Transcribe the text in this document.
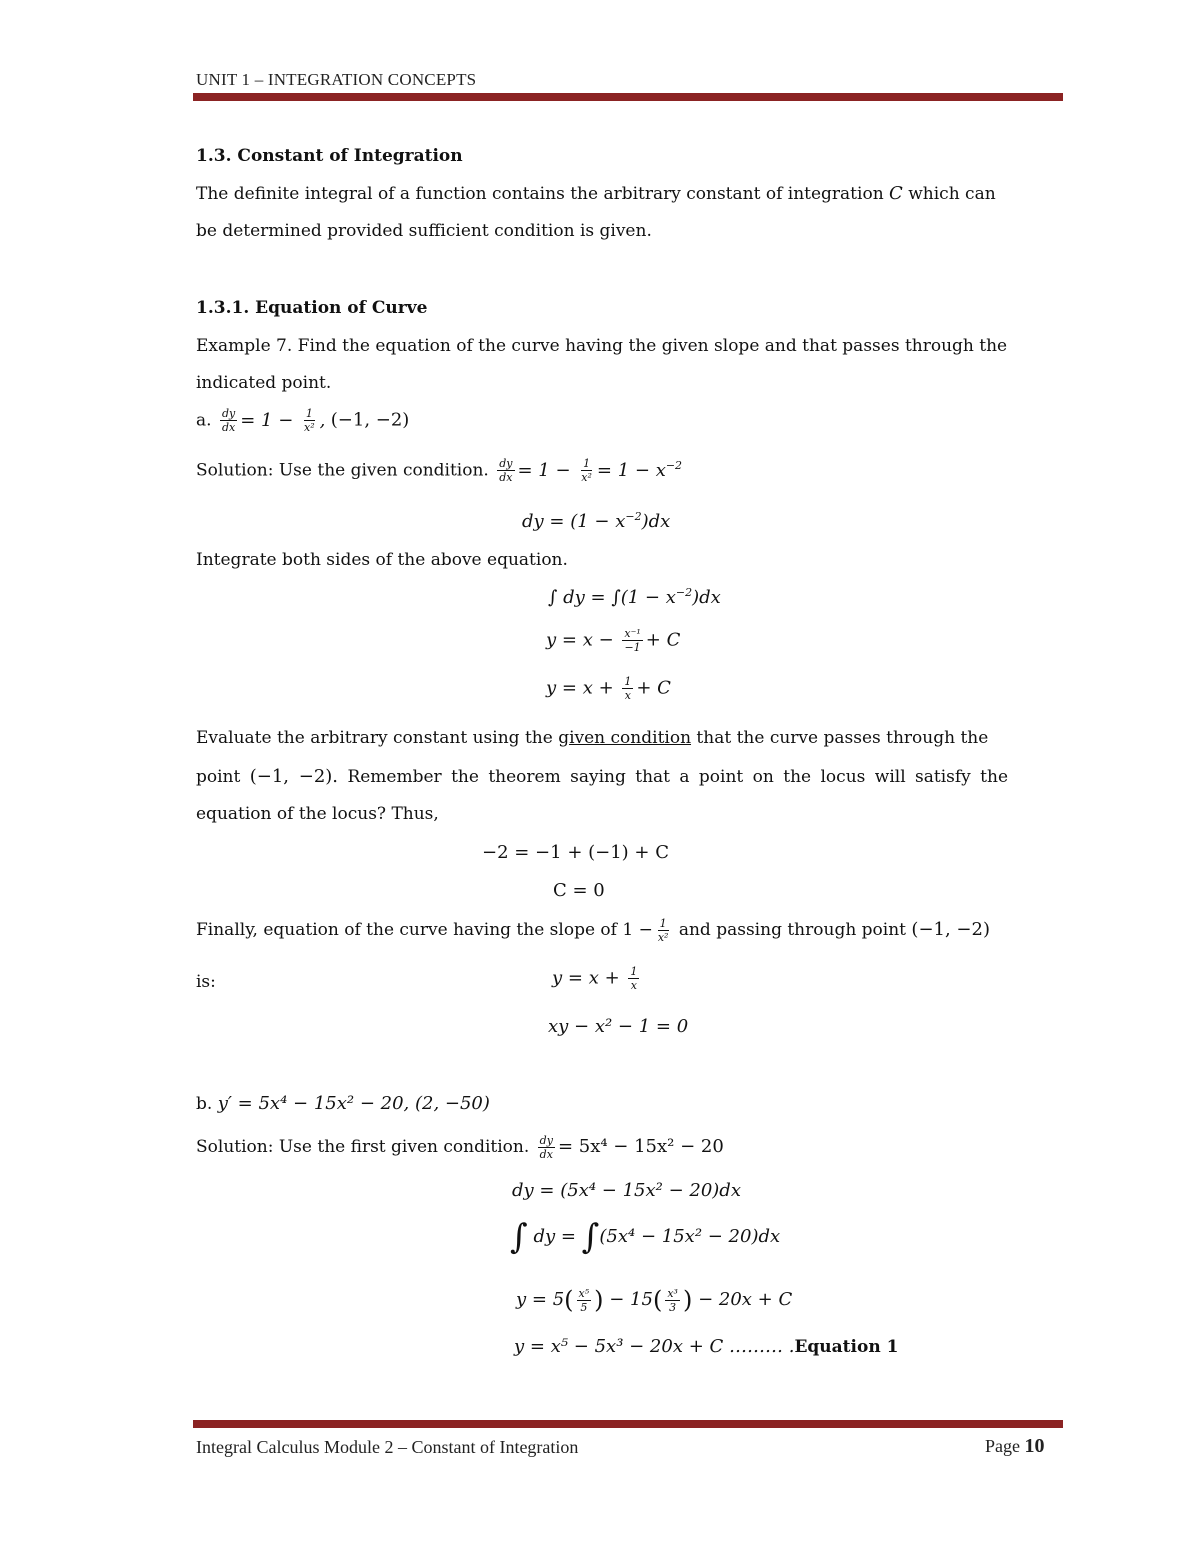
UNIT 1 – INTEGRATION CONCEPTS
1.3. Constant of Integration
The definite integral of a function contains the arbitrary constant of integration C which can
be determined provided sufficient condition is given.
1.3.1. Equation of Curve
Example 7. Find the equation of the curve having the given slope and that passes through the
indicated point.
a. $\frac{dy}{dx} = 1 - \frac{1}{\text{x²}}$ , (−1, −2)
Solution: Use the given condition. $\frac{dy}{dx} = 1 - \frac{1}{\text{x²}} = 1 - x^{-2}$
dy = $(1 - x^{-2})dx$
Integrate both sides of the above equation.
∫ dy = $\int(1 - x^{-2})dx$
$y = x - \frac{\text{x⁻¹}}{-1} + C$
$y = x + \frac{1}{x} + C$
Evaluate the arbitrary constant using the given condition that the curve passes through the
point (−1, −2). Remember the theorem saying that a point on the locus will satisfy the
equation of the locus? Thus,
−2 = −1 + (−1) + C
C = 0
Finally, equation of the curve having the slope of $1 - \frac{1}{\text{x²}}$ and passing through point (−1, −2)
is:	$y = x + \frac{1}{x}$
xy − x² − 1 = 0
b. y′ = 5x⁴ − 15x² − 20, (2, −50)
Solution: Use the first given condition. $\frac{dy}{dx} = 5x^4 - 15x^2 - 20$
dy = (5x⁴ − 15x² − 20)dx
∫ dy = ∫(5x⁴ − 15x² − 20)dx
$y = 5( \frac{\text{x⁵}}{5}$ ) − $15( \frac{\text{x³}}{3}$ ) − 20x + C
y = x⁵ − 5x³ − 20x + C ……… .Equation 1
Integral Calculus Module 2 – Constant of Integration	Page 10
